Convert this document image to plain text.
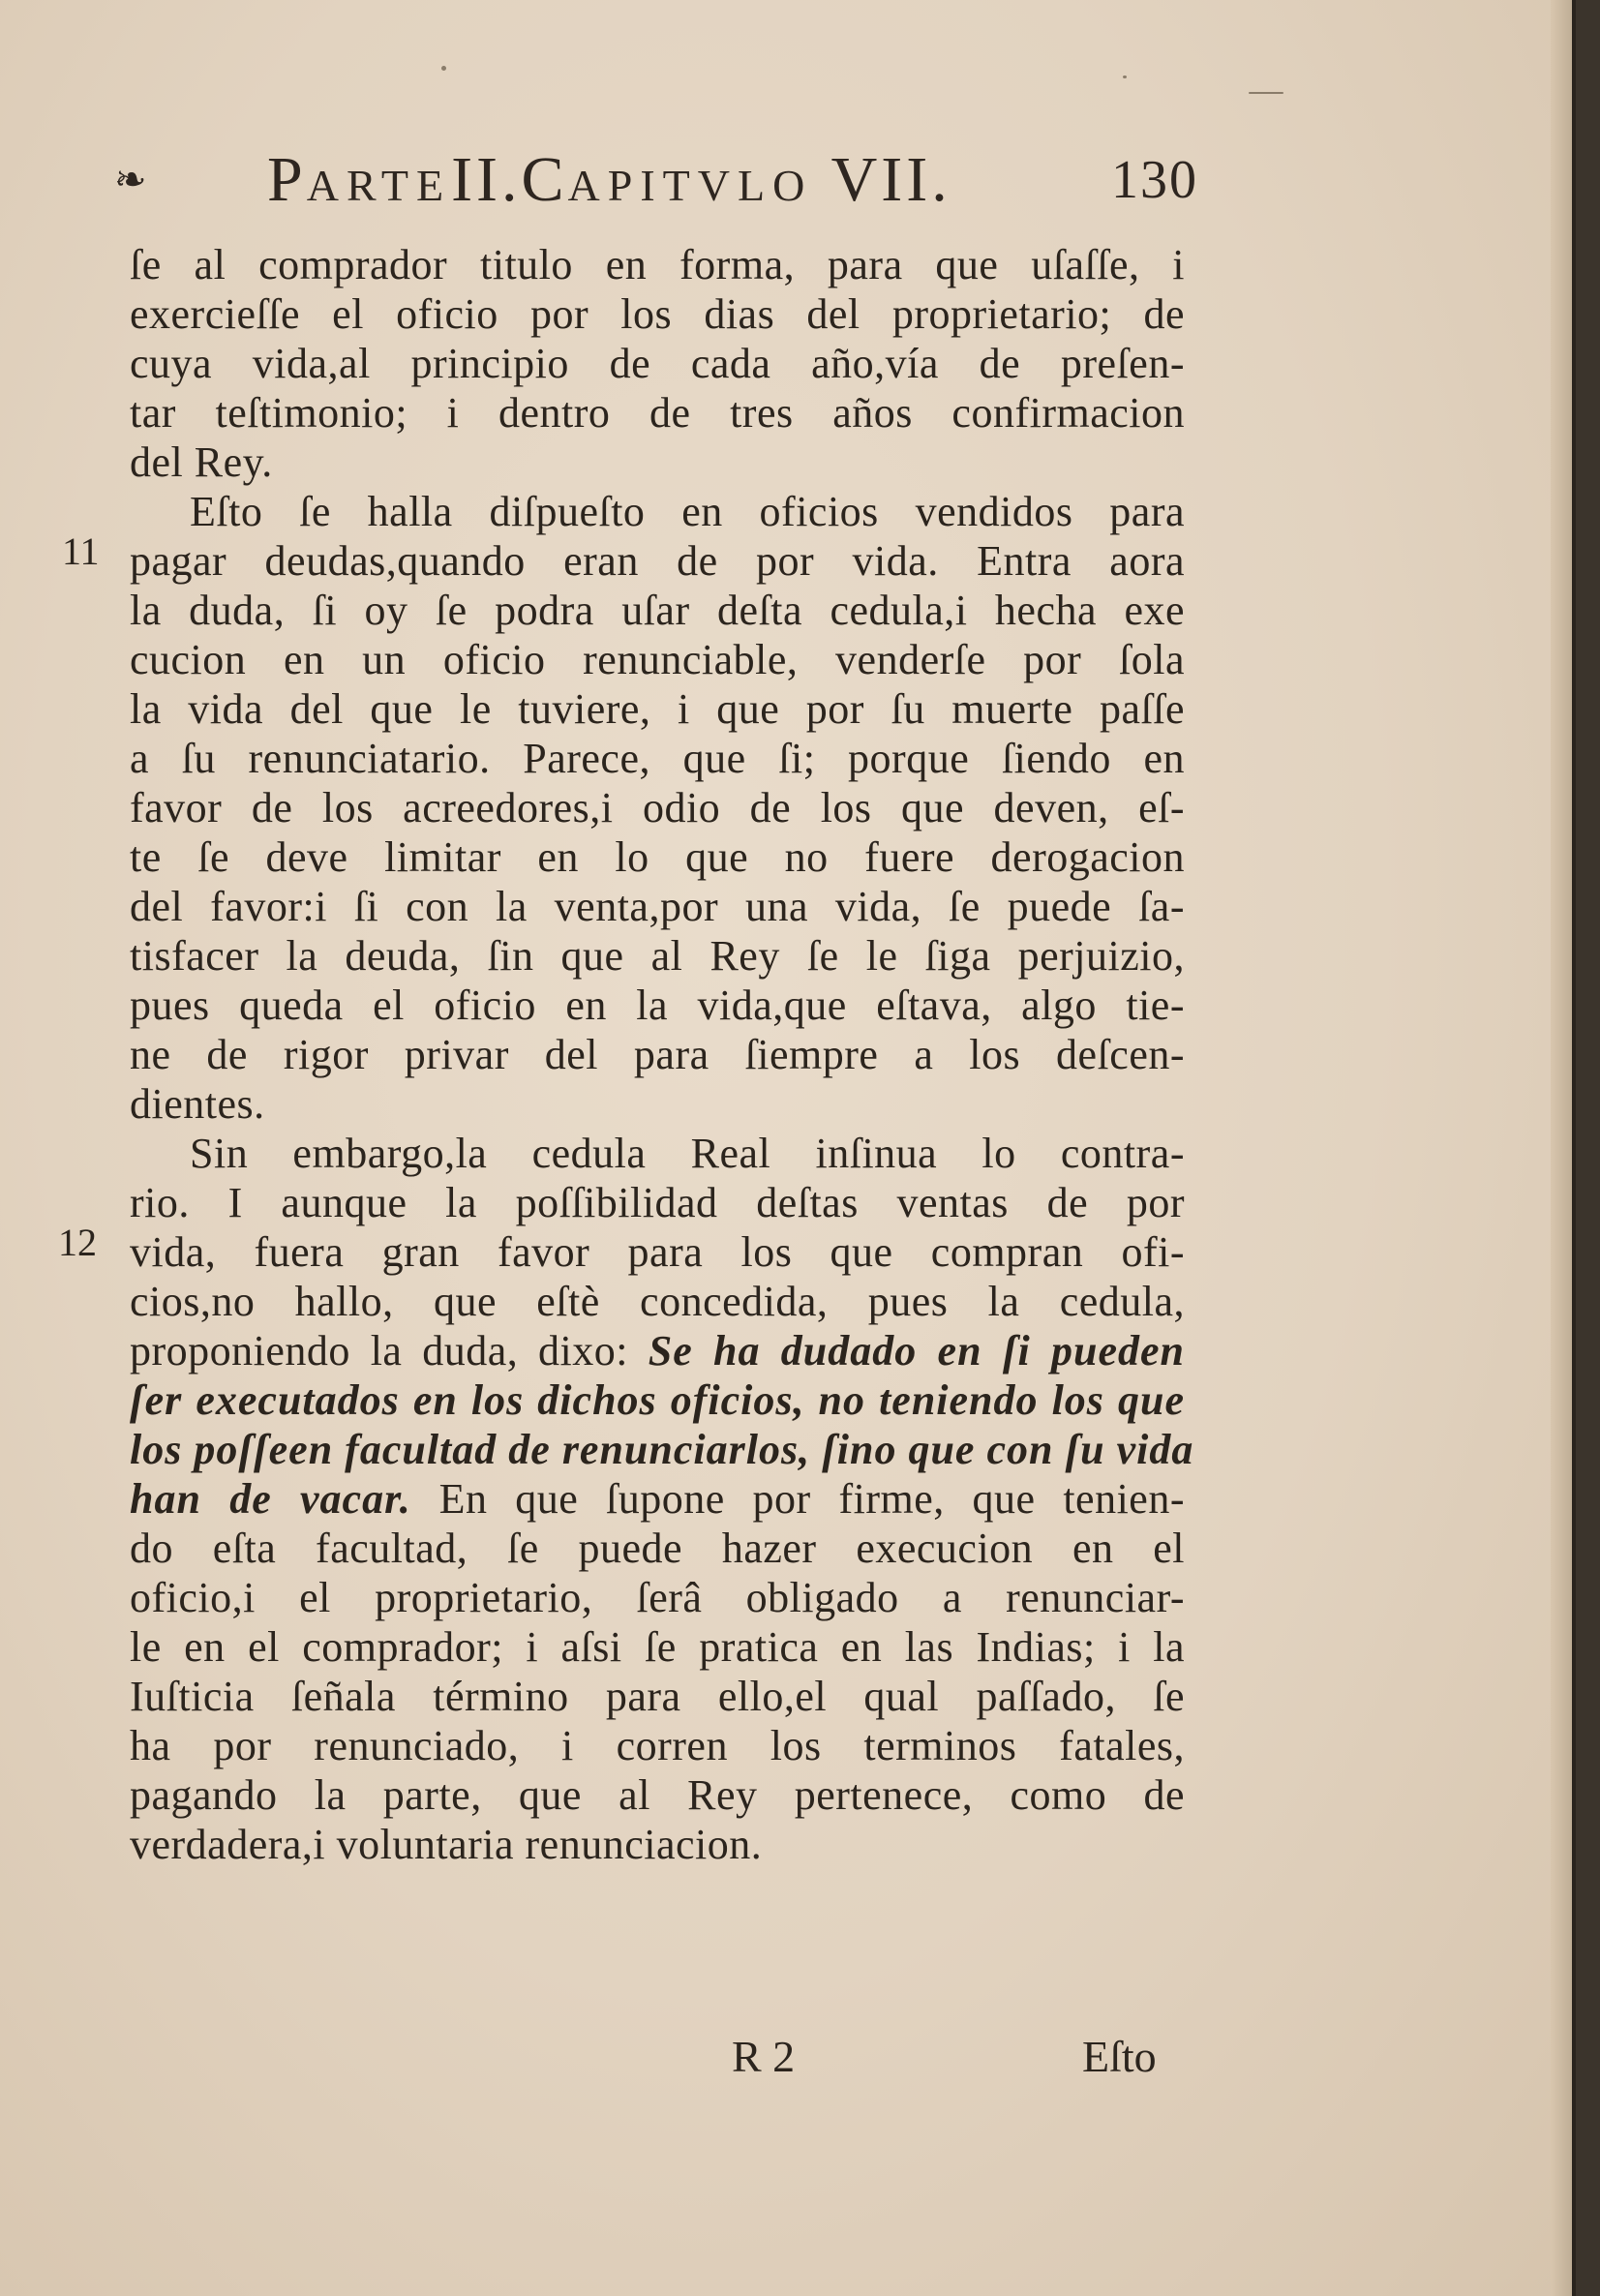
❧ PARTEII.CAPITVLO VII.	130
11
12
ſe al comprador titulo en forma, para que uſaſſe, i
exercieſſe el oficio por los dias del proprietario; de
cuya vida,al principio de cada año,vía de preſen-
tar teſtimonio; i dentro de tres años confirmacion
del Rey.
Eſto ſe halla diſpueſto en oficios vendidos para
pagar deudas,quando eran de por vida. Entra aora
la duda, ſi oy ſe podra uſar deſta cedula,i hecha exe
cucion en un oficio renunciable, venderſe por ſola
la vida del que le tuviere, i que por ſu muerte paſſe
a ſu renunciatario. Parece, que ſi; porque ſiendo en
favor de los acreedores,i odio de los que deven, eſ-
te ſe deve limitar en lo que no fuere derogacion
del favor:i ſi con la venta,por una vida, ſe puede ſa-
tisfacer la deuda, ſin que al Rey ſe le ſiga perjuizio,
pues queda el oficio en la vida,que eſtava, algo tie-
ne de rigor privar del para ſiempre a los deſcen-
dientes.
Sin embargo,la cedula Real inſinua lo contra-
rio. I aunque la poſſibilidad deſtas ventas de por
vida, fuera gran favor para los que compran ofi-
cios,no hallo, que eſtè concedida, pues la cedula,
proponiendo la duda, dixo: Se ha dudado en ſi pueden
ſer executados en los dichos oficios, no teniendo los que
los poſſeen facultad de renunciarlos, ſino que con ſu vida
han de vacar. En que ſupone por firme, que tenien-
do eſta facultad, ſe puede hazer execucion en el
oficio,i el proprietario, ſerâ obligado a renunciar-
le en el comprador; i aſsi ſe pratica en las Indias; i la
Iuſticia ſeñala término para ello,el qual paſſado, ſe
ha por renunciado, i corren los terminos fatales,
pagando la parte, que al Rey pertenece, como de
verdadera,i voluntaria renunciacion.
R 2	Eſto
